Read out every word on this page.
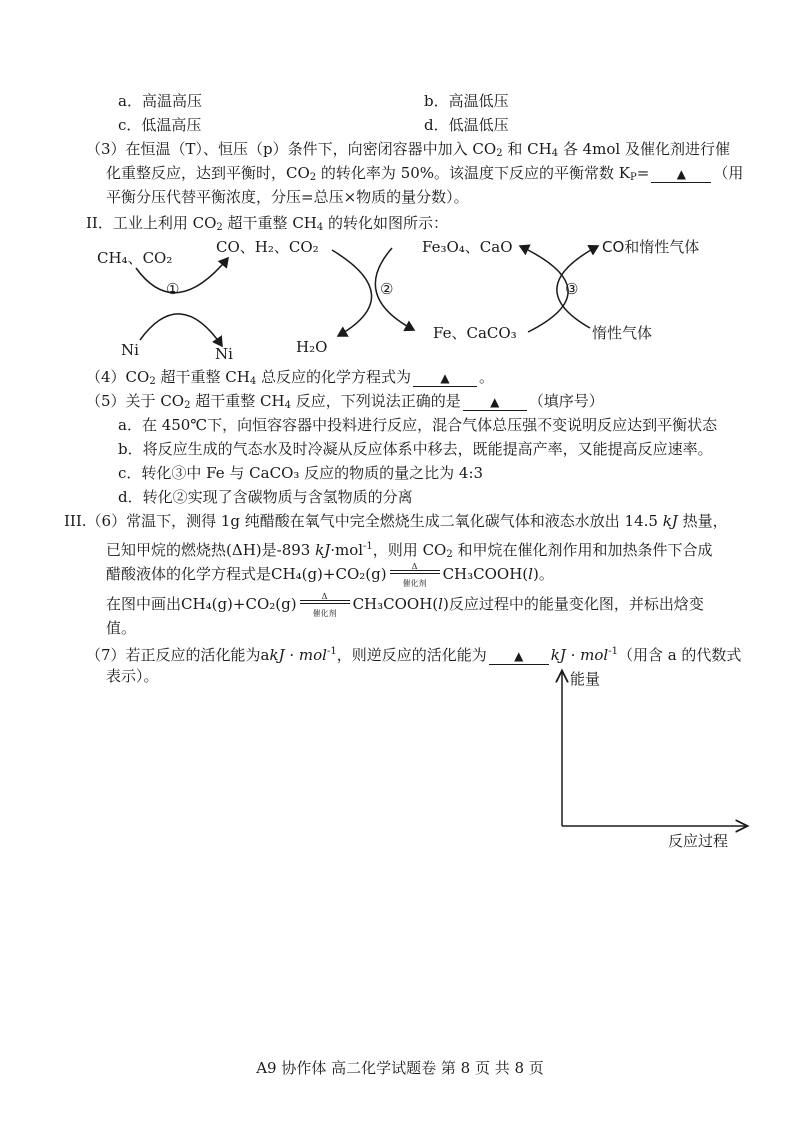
a．高温高压	b．高温低压
c．低温高压	d．低温低压
（3）在恒温（T）、恒压（p）条件下，向密闭容器中加入 $CO_2$ 和 $CH_4$ 各 4mol 及催化剂进行催
化重整反应，达到平衡时，$CO_2$ 的转化率为 50%。该温度下反应的平衡常数 $K_P=$ ▲ （用
平衡分压代替平衡浓度，分压=总压×物质的量分数）。
II．工业上利用 $CO_2$ 超干重整 $CH_4$ 的转化如图所示：
CH₄、CO₂
CO、H₂、CO₂
①
Ni	Ni
②
H₂O
Fe₃O₄、CaO
Fe、CaCO₃
③
CO和惰性气体
惰性气体
$(4)CO_2$ 超干重整 $CH_4$ 总反应的化学方程式为 ▲ 。
（5）关于 $CO_2$ 超干重整 $CH_4$ 反应，下列说法正确的是 ▲ （填序号）
a．在 450℃下，向恒容容器中投料进行反应，混合气体总压强不变说明反应达到平衡状态
b．将反应生成的气态水及时冷凝从反应体系中移去，既能提高产率，又能提高反应速率。
c．转化③中 Fe 与 CaCO₃ 反应的物质的量之比为 4:3
d．转化②实现了含碳物质与含氢物质的分离
III.（6）常温下，测得 1g 纯醋酸在氧气中完全燃烧生成二氧化碳气体和液态水放出 14.5 kJ 热量，
已知甲烷的燃烧热(ΔH)是-893 kJ·mol$^{-1}$，则用 $CO_2$ 和甲烷在催化剂作用和加热条件下合成
醋酸液体的化学方程式是CH₄(g)+CO₂(g)	Δ
催化剂
CH₃COOH(l)。
在图中画出CH₄(g)+CO₂(g)	Δ
催化剂
CH₃COOH(l)反应过程中的能量变化图，并标出焓变
值。
（7）若正反应的活化能为akJ · mol$^{-1}$，则逆反应的活化能为 ▲ kJ · mol$^{-1}$（用含 a 的代数式
表示）。	能量
反应过程
A9 协作体 高二化学试题卷 第 8 页 共 8 页
